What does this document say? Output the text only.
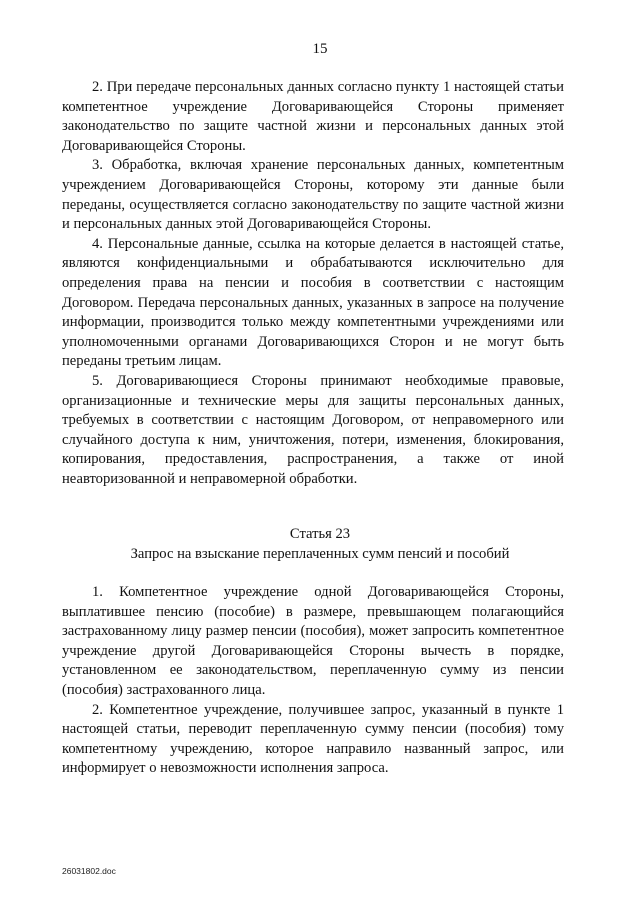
15

2. При передаче персональных данных согласно пункту 1 настоящей статьи компетентное учреждение Договаривающейся Стороны применяет законодательство по защите частной жизни и персональных данных этой Договаривающейся Стороны.

3. Обработка, включая хранение персональных данных, компетентным учреждением Договаривающейся Стороны, которому эти данные были переданы, осуществляется согласно законодательству по защите частной жизни и персональных данных этой Договаривающейся Стороны.

4. Персональные данные, ссылка на которые делается в настоящей статье, являются конфиденциальными и обрабатываются исключительно для определения права на пенсии и пособия в соответствии с настоящим Договором. Передача персональных данных, указанных в запросе на получение информации, производится только между компетентными учреждениями или уполномоченными органами Договаривающихся Сторон и не могут быть переданы третьим лицам.

5. Договаривающиеся Стороны принимают необходимые правовые, организационные и технические меры для защиты персональных данных, требуемых в соответствии с настоящим Договором, от неправомерного или случайного доступа к ним, уничтожения, потери, изменения, блокирования, копирования, предоставления, распространения, а также от иной неавторизованной и неправомерной обработки.

Статья 23
Запрос на взыскание переплаченных сумм пенсий и пособий

1. Компетентное учреждение одной Договаривающейся Стороны, выплатившее пенсию (пособие) в размере, превышающем полагающийся застрахованному лицу размер пенсии (пособия), может запросить компетентное учреждение другой Договаривающейся Стороны вычесть в порядке, установленном ее законодательством, переплаченную сумму из пенсии (пособия) застрахованного лица.

2. Компетентное учреждение, получившее запрос, указанный в пункте 1 настоящей статьи, переводит переплаченную сумму пенсии (пособия) тому компетентному учреждению, которое направило названный запрос, или информирует о невозможности исполнения запроса.

26031802.doc
